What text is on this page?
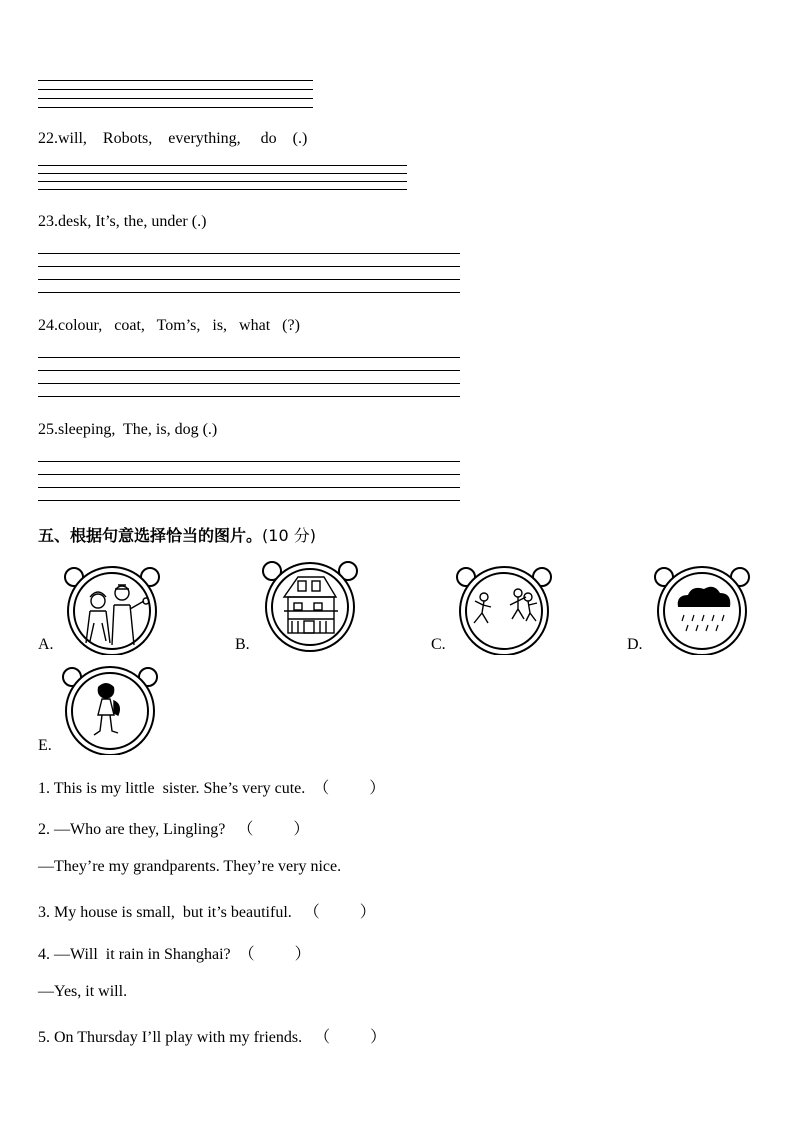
22.will,    Robots,    everything,     do    (.)
23.desk, It’s, the, under (.)
24.colour,   coat,   Tom’s,   is,   what   (?)
25.sleeping,  The, is, dog (.)
五、根据句意选择恰当的图片。(10 分)
A.	B.	C.	D.
E.
1. This is my little  sister. She’s very cute.  （          ）
2. —Who are they, Lingling?   （          ）
—They’re my grandparents. They’re very nice.
3. My house is small,  but it’s beautiful.   （          ）
4. —Will  it rain in Shanghai?  （          ）
—Yes, it will.
5. On Thursday I’ll play with my friends.   （          ）
